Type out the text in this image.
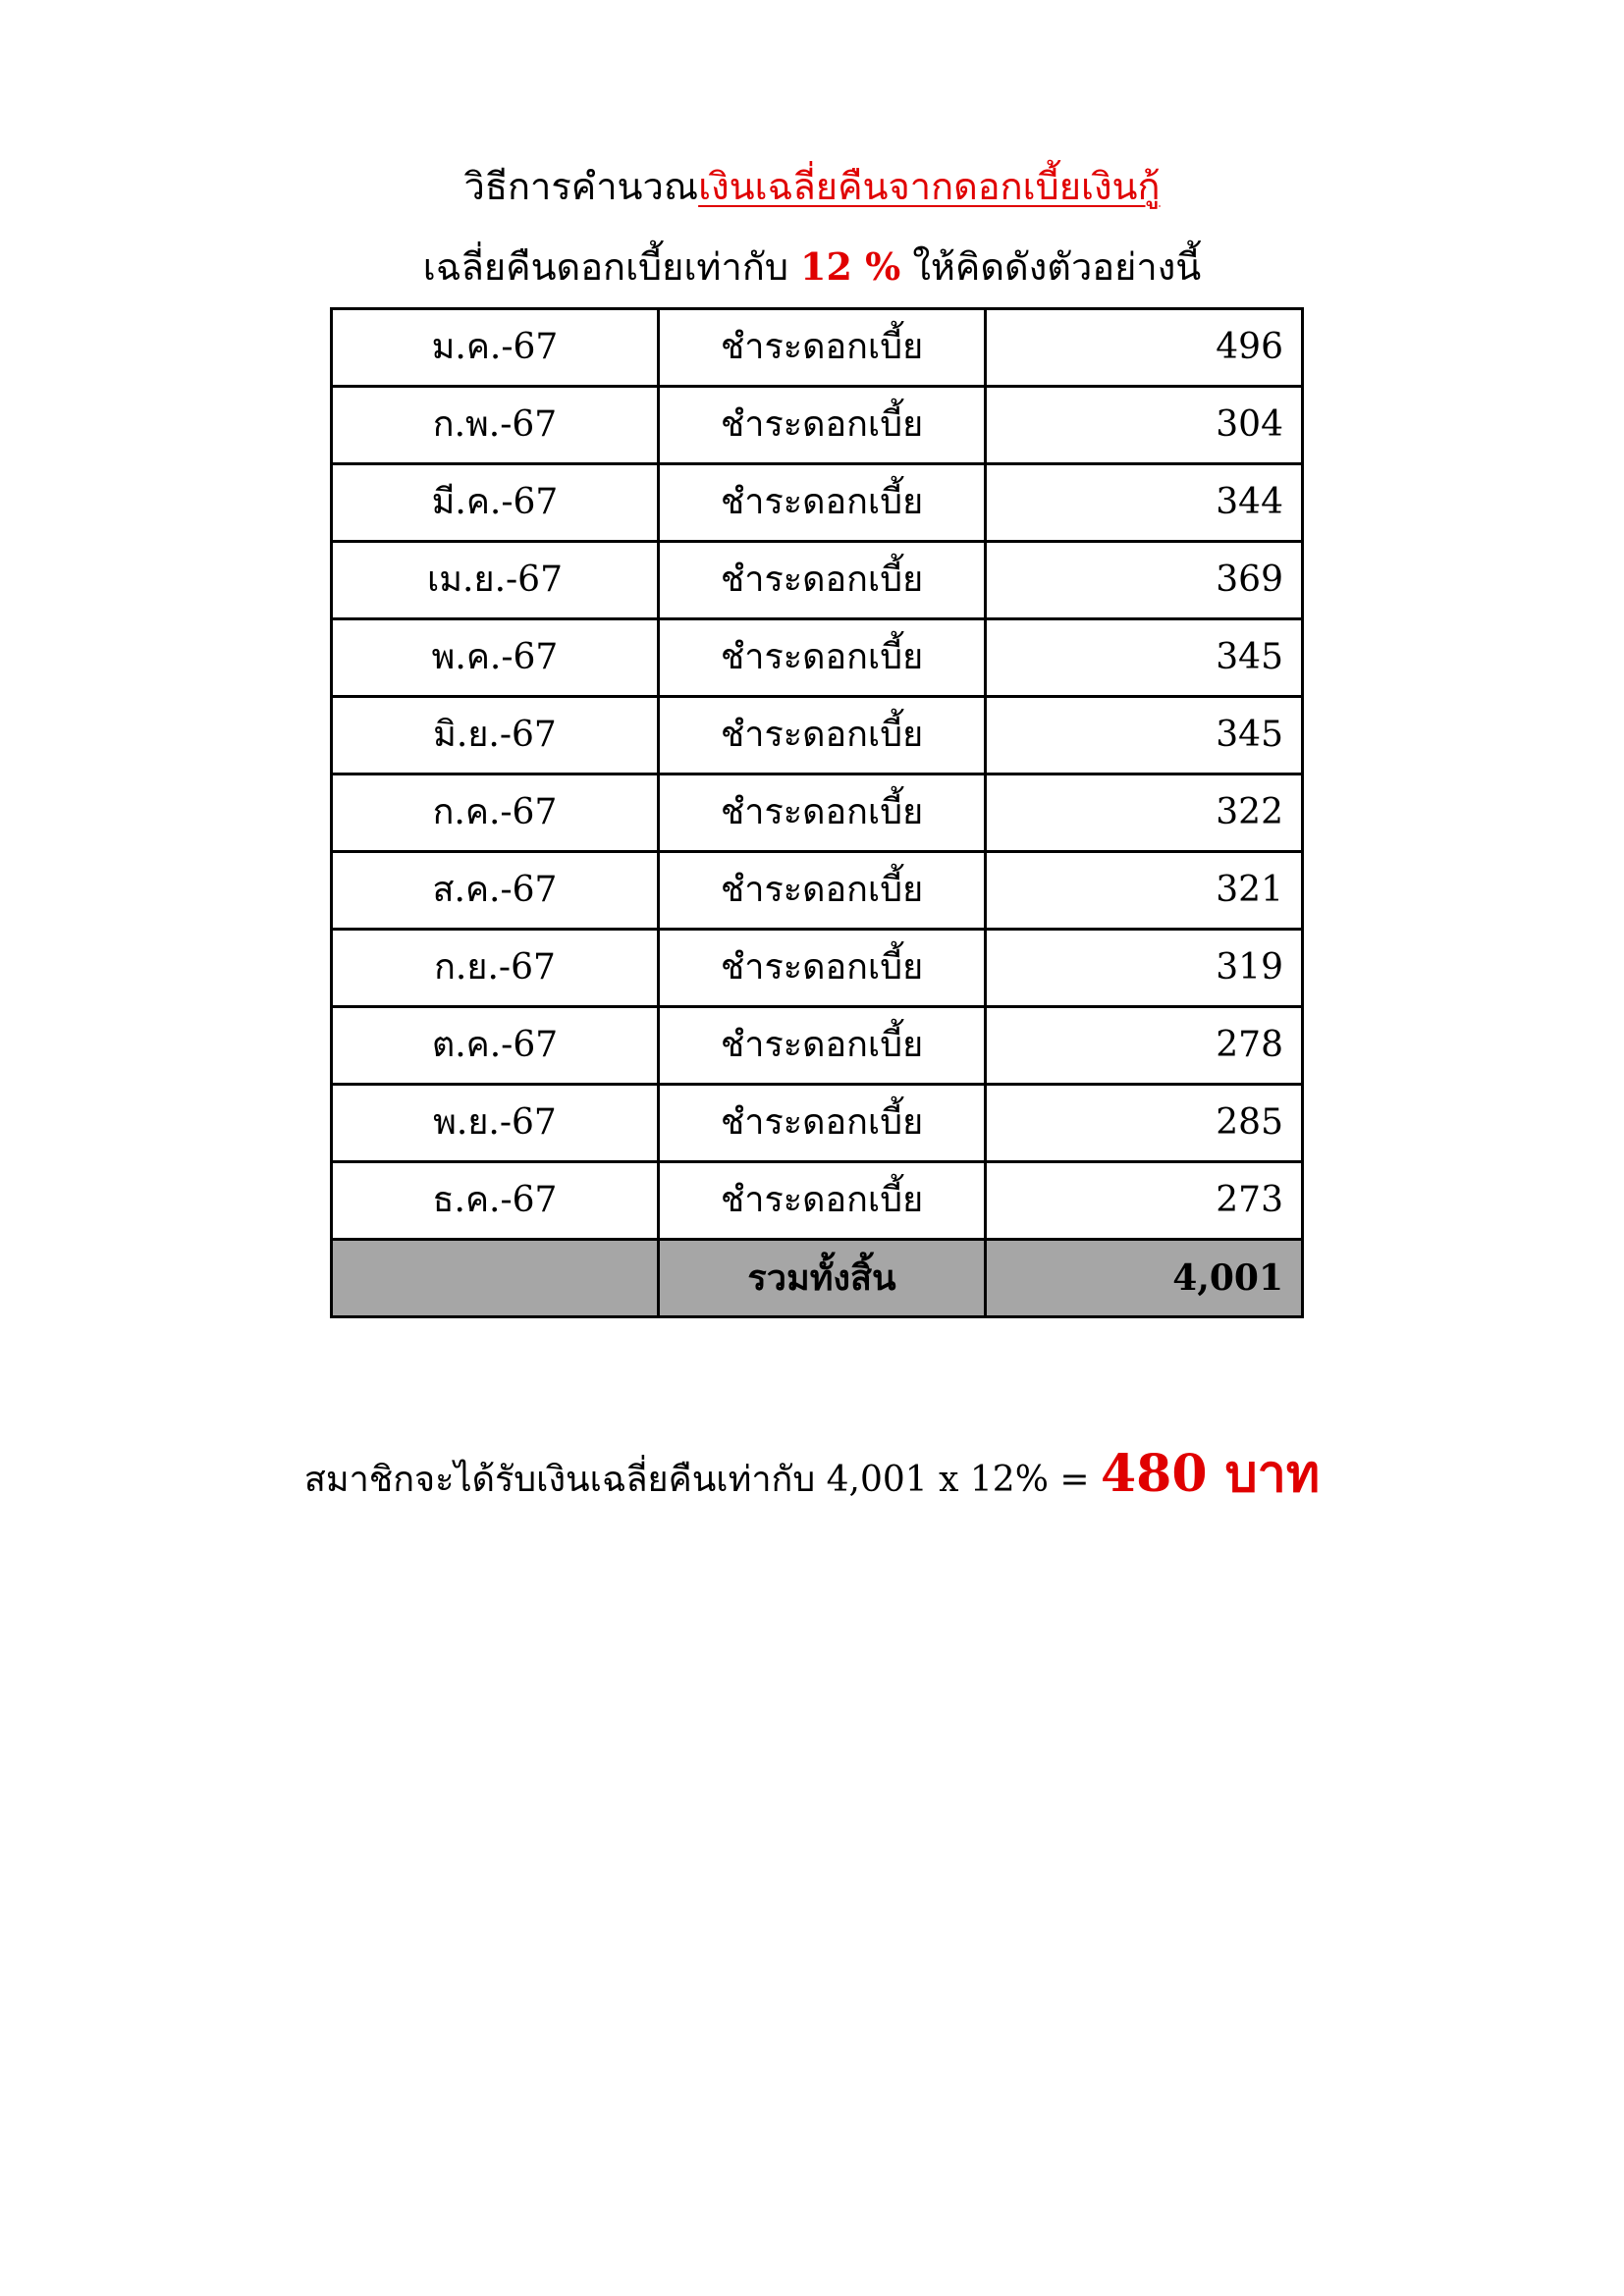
วิธีการคำนวณเงินเฉลี่ยคืนจากดอกเบี้ยเงินกู้
เฉลี่ยคืนดอกเบี้ยเท่ากับ 12 % ให้คิดดังตัวอย่างนี้
ม.ค.-67	ชำระดอกเบี้ย	496
ก.พ.-67	ชำระดอกเบี้ย	304
มี.ค.-67	ชำระดอกเบี้ย	344
เม.ย.-67	ชำระดอกเบี้ย	369
พ.ค.-67	ชำระดอกเบี้ย	345
มิ.ย.-67	ชำระดอกเบี้ย	345
ก.ค.-67	ชำระดอกเบี้ย	322
ส.ค.-67	ชำระดอกเบี้ย	321
ก.ย.-67	ชำระดอกเบี้ย	319
ต.ค.-67	ชำระดอกเบี้ย	278
พ.ย.-67	ชำระดอกเบี้ย	285
ธ.ค.-67	ชำระดอกเบี้ย	273
	รวมทั้งสิ้น	4,001
สมาชิกจะได้รับเงินเฉลี่ยคืนเท่ากับ 4,001 x 12% = 480 บาท
